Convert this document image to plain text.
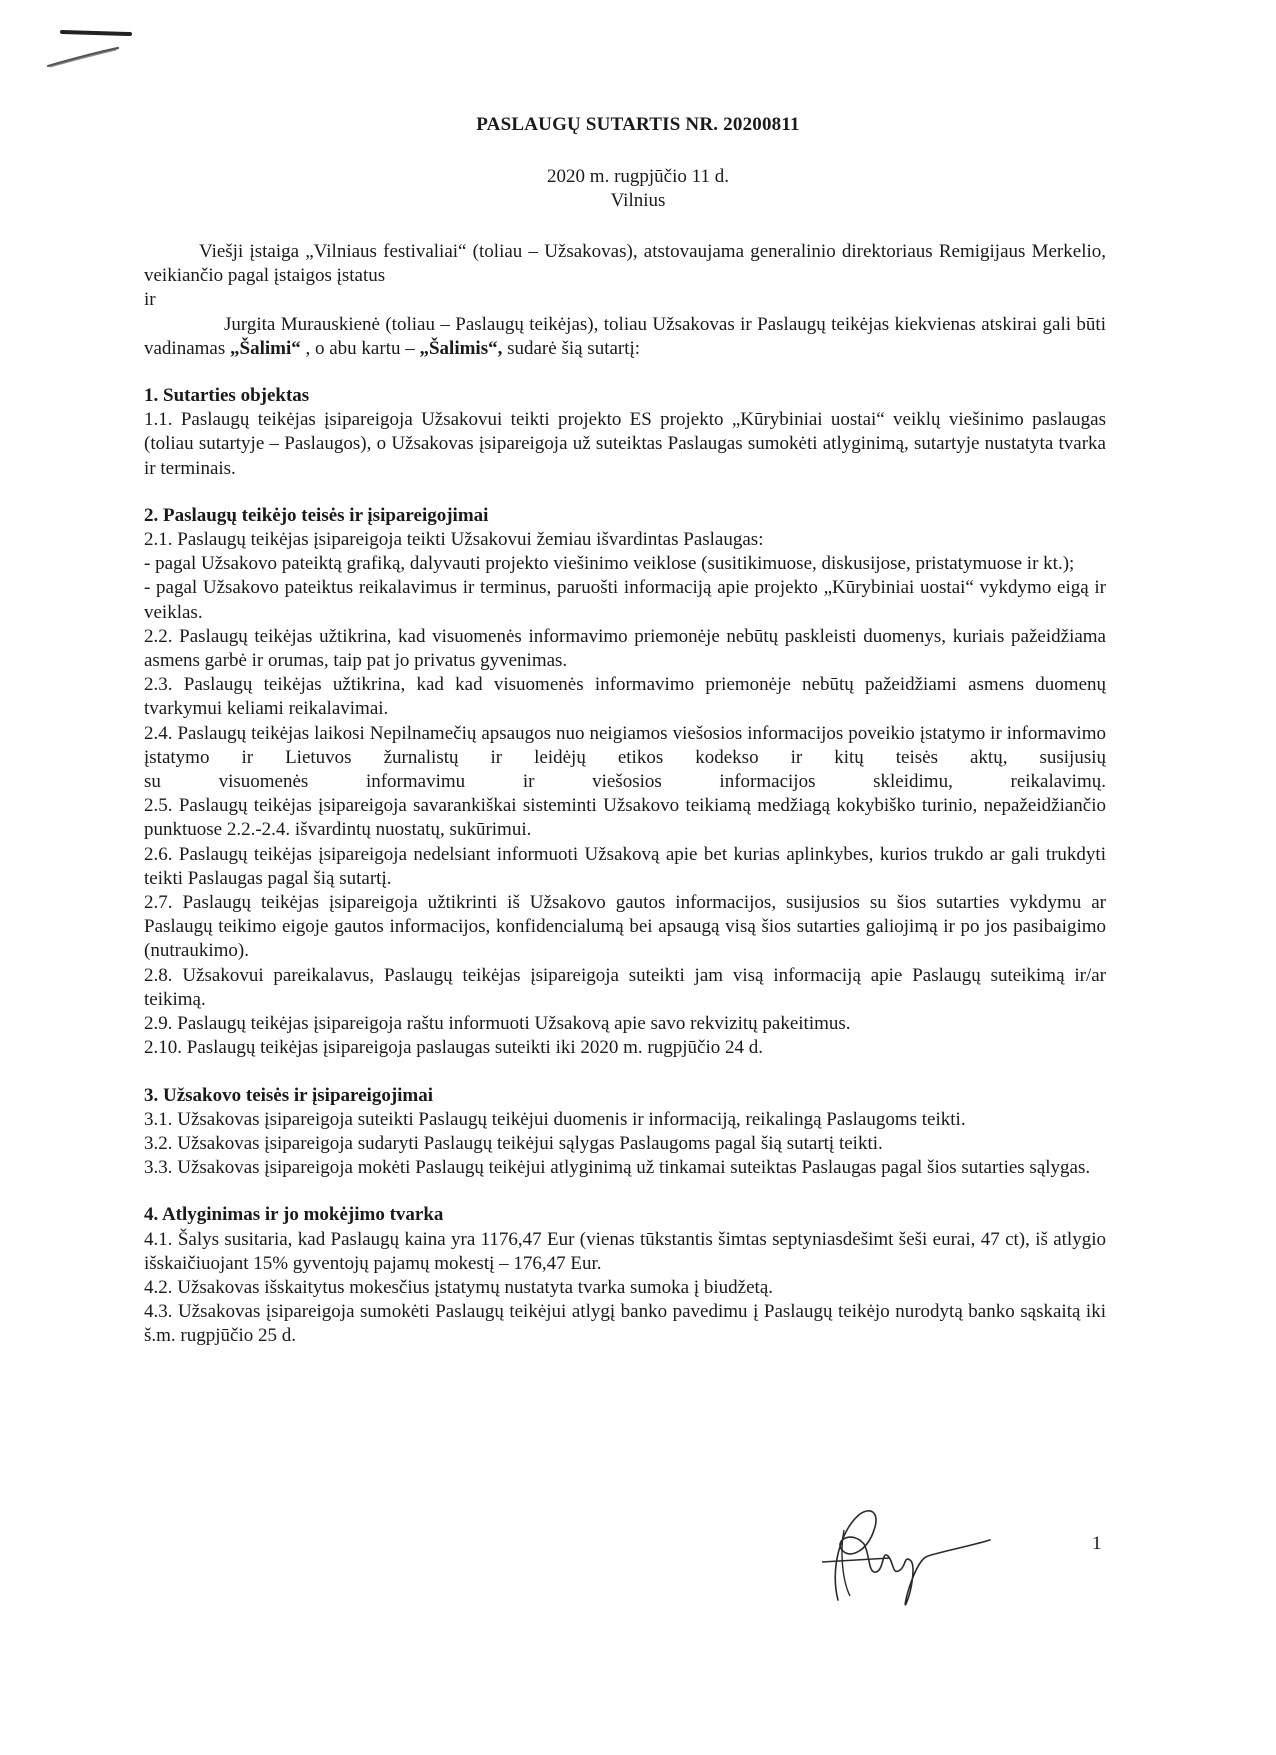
PASLAUGŲ SUTARTIS NR. 20200811
2020 m. rugpjūčio 11 d.
Vilnius

Viešji įstaiga „Vilniaus festivaliai“ (toliau – Užsakovas), atstovaujama generalinio direktoriaus Remigijaus Merkelio, veikiančio pagal įstaigos įstatus

ir

Jurgita Murauskienė (toliau – Paslaugų teikėjas), toliau Užsakovas ir Paslaugų teikėjas kiekvienas atskirai gali būti vadinamas „Šalimi“ , o abu kartu – „Šalimis“, sudarė šią sutartį:

1. Sutarties objektas

1.1. Paslaugų teikėjas įsipareigoja Užsakovui teikti projekto ES projekto „Kūrybiniai uostai“ veiklų viešinimo paslaugas (toliau sutartyje – Paslaugos), o Užsakovas įsipareigoja už suteiktas Paslaugas sumokėti atlyginimą, sutartyje nustatyta tvarka ir terminais.

2. Paslaugų teikėjo teisės ir įsipareigojimai

2.1. Paslaugų teikėjas įsipareigoja teikti Užsakovui žemiau išvardintas Paslaugas:

- pagal Užsakovo pateiktą grafiką, dalyvauti projekto viešinimo veiklose (susitikimuose, diskusijose, pristatymuose ir kt.);

- pagal Užsakovo pateiktus reikalavimus ir terminus, paruošti informaciją apie projekto „Kūrybiniai uostai“ vykdymo eigą ir veiklas.

2.2. Paslaugų teikėjas užtikrina, kad visuomenės informavimo priemonėje nebūtų paskleisti duomenys, kuriais pažeidžiama asmens garbė ir orumas, taip pat jo privatus gyvenimas.

2.3. Paslaugų teikėjas užtikrina, kad kad visuomenės informavimo priemonėje nebūtų pažeidžiami asmens duomenų tvarkymui keliami reikalavimai.

2.4. Paslaugų teikėjas laikosi Nepilnamečių apsaugos nuo neigiamos viešosios informacijos poveikio įstatymo ir informavimo įstatymo ir Lietuvos žurnalistų ir leidėjų etikos kodekso ir kitų teisės aktų, susijusių

su visuomenės informavimu ir viešosios informacijos skleidimu, reikalavimų.

2.5. Paslaugų teikėjas įsipareigoja savarankiškai sisteminti Užsakovo teikiamą medžiagą kokybiško turinio, nepažeidžiančio punktuose 2.2.-2.4. išvardintų nuostatų, sukūrimui.

2.6. Paslaugų teikėjas įsipareigoja nedelsiant informuoti Užsakovą apie bet kurias aplinkybes, kurios trukdo ar gali trukdyti teikti Paslaugas pagal šią sutartį.

2.7. Paslaugų teikėjas įsipareigoja užtikrinti iš Užsakovo gautos informacijos, susijusios su šios sutarties vykdymu ar Paslaugų teikimo eigoje gautos informacijos, konfidencialumą bei apsaugą visą šios sutarties galiojimą ir po jos pasibaigimo (nutraukimo).

2.8. Užsakovui pareikalavus, Paslaugų teikėjas įsipareigoja suteikti jam visą informaciją apie Paslaugų suteikimą ir/ar teikimą.

2.9. Paslaugų teikėjas įsipareigoja raštu informuoti Užsakovą apie savo rekvizitų pakeitimus.

2.10. Paslaugų teikėjas įsipareigoja paslaugas suteikti iki 2020 m. rugpjūčio 24 d.

3. Užsakovo teisės ir įsipareigojimai

3.1. Užsakovas įsipareigoja suteikti Paslaugų teikėjui duomenis ir informaciją, reikalingą Paslaugoms teikti.

3.2. Užsakovas įsipareigoja sudaryti Paslaugų teikėjui sąlygas Paslaugoms pagal šią sutartį teikti.

3.3. Užsakovas įsipareigoja mokėti Paslaugų teikėjui atlyginimą už tinkamai suteiktas Paslaugas pagal šios sutarties sąlygas.

4. Atlyginimas ir jo mokėjimo tvarka

4.1. Šalys susitaria, kad Paslaugų kaina yra 1176,47 Eur (vienas tūkstantis šimtas septyniasdešimt šeši eurai, 47 ct), iš atlygio išskaičiuojant 15% gyventojų pajamų mokestį – 176,47 Eur.

4.2. Užsakovas išskaitytus mokesčius įstatymų nustatyta tvarka sumoka į biudžetą.

4.3. Užsakovas įsipareigoja sumokėti Paslaugų teikėjui atlygį banko pavedimu į Paslaugų teikėjo nurodytą banko sąskaitą iki š.m. rugpjūčio 25 d.

1
